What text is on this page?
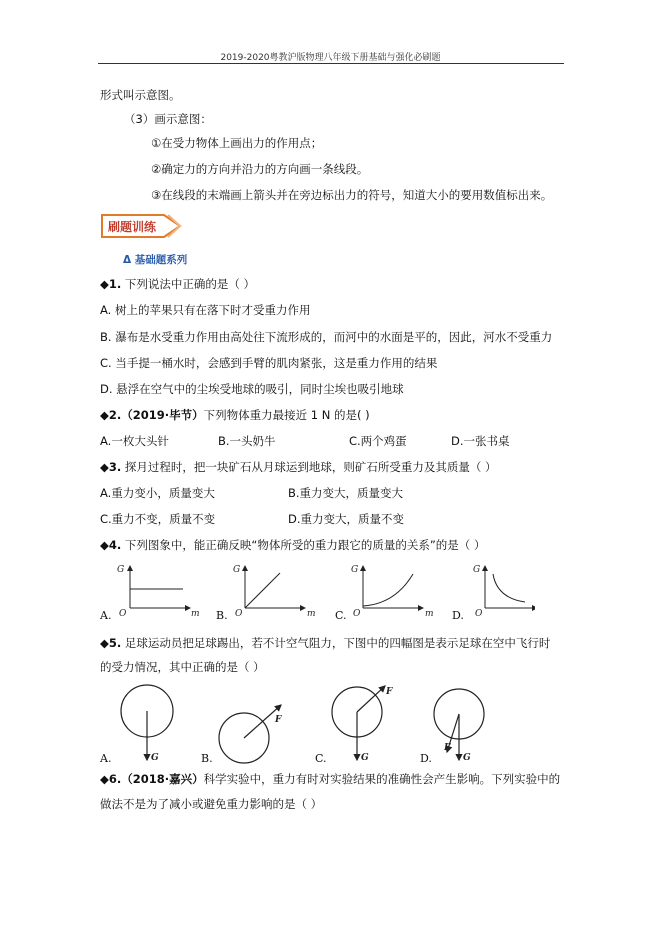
2019-2020粤教沪版物理八年级下册基础与强化必刷题
形式叫示意图。
（3）画示意图：
①在受力物体上画出力的作用点；
②确定力的方向并沿力的方向画一条线段。
③在线段的末端画上箭头并在旁边标出力的符号，知道大小的要用数值标出来。
刷题训练
Δ 基础题系列
◆1. 下列说法中正确的是（ ）
A. 树上的苹果只有在落下时才受重力作用
B. 瀑布是水受重力作用由高处往下流形成的，而河中的水面是平的，因此，河水不受重力
C. 当手提一桶水时，会感到手臂的肌肉紧张，这是重力作用的结果
D. 悬浮在空气中的尘埃受地球的吸引，同时尘埃也吸引地球
◆2.（2019·毕节）下列物体重力最接近 1 N 的是( )
A.一枚大头针	B.一头奶牛	C.两个鸡蛋	D.一张书桌
◆3. 探月过程时，把一块矿石从月球运到地球，则矿石所受重力及其质量（ ）
A.重力变小，质量变大	B.重力变大，质量变大
C.重力不变，质量不变	D.重力变大，质量不变
◆4. 下列图象中，能正确反映“物体所受的重力跟它的质量的关系”的是（ ）
G
O	m
G
O	m
G
O	m
G
O
A.	B.	C.	D.
◆5. 足球运动员把足球踢出，若不计空气阻力，下图中的四幅图是表示足球在空中飞行时
的受力情况，其中正确的是（ ）
G
F
G
F
F
G
A.	B.	C.	D.
◆6.（2018·嘉兴）科学实验中，重力有时对实验结果的准确性会产生影响。下列实验中的
做法不是为了减小或避免重力影响的是（ ）
